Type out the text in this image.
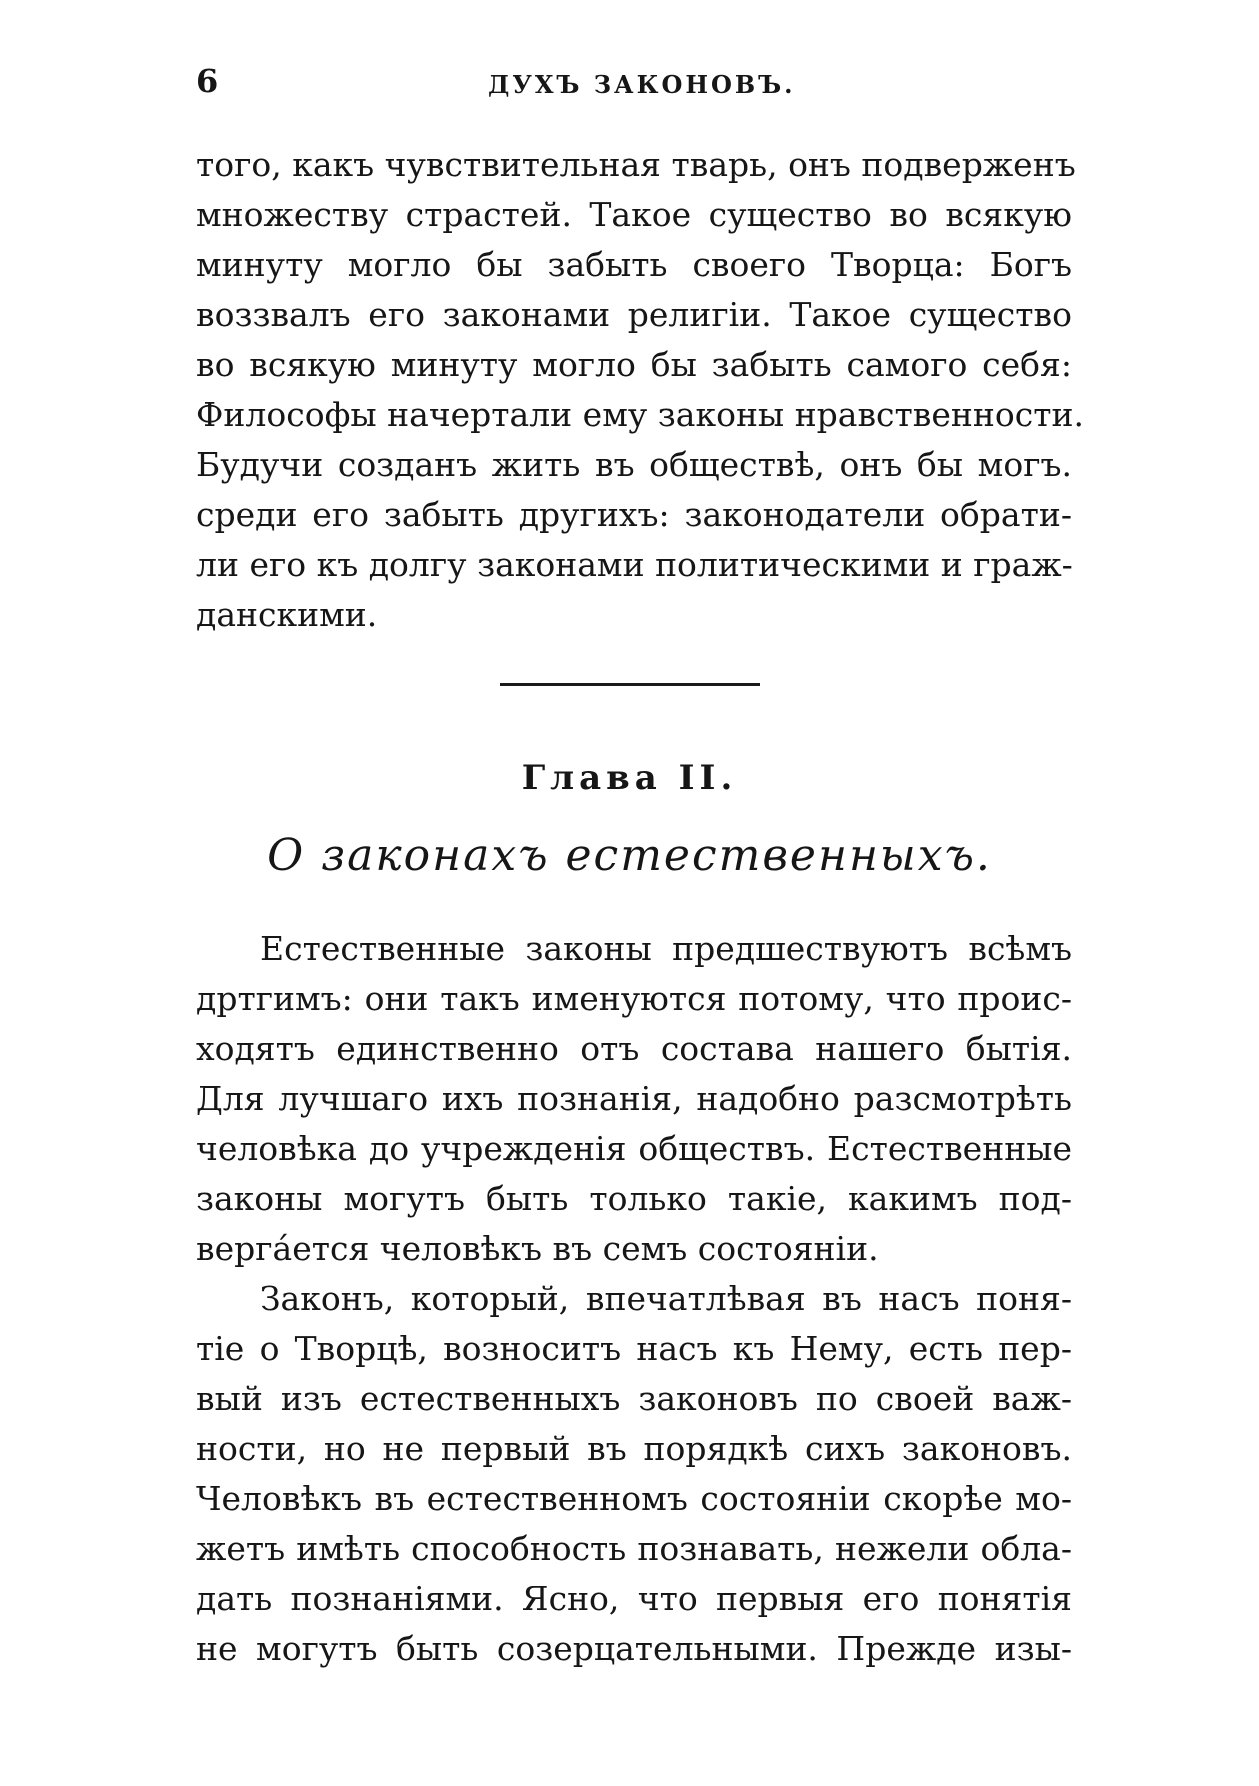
6	ДУХЪ ЗАКОНОВЪ.
того, какъ чувствительная тварь, онъ подверженъ
множеству страстей. Такое существо во всякую
минуту могло бы забыть своего Творца: Богъ
воззвалъ его законами религiи. Такое существо
во всякую минуту могло бы забыть самого себя:
Философы начертали ему законы нравственности.
Будучи созданъ жить въ обществѣ, онъ бы могъ.
среди его забыть другихъ: законодатели обрати-
ли его къ долгу законами политическими и граж-
данскими.
Глава II.
О законахъ естественныхъ.
Естественные законы предшествуютъ всѣмъ
дртгимъ: они такъ именуются потому, что проис-
ходятъ единственно отъ состава нашего бытiя.
Для лучшаго ихъ познанiя, надобно разсмотрѣть
человѣка до учрежденiя обществъ. Естественные
законы могутъ быть только такiе, какимъ под-
вергáется человѣкъ въ семъ состоянiи.
Законъ, который, впечатлѣвая въ насъ поня-
тiе о Творцѣ, возноситъ насъ къ Нему, есть пер-
вый изъ естественныхъ законовъ по своей важ-
ности, но не первый въ порядкѣ сихъ законовъ.
Человѣкъ въ естественномъ состоянiи скорѣе мо-
жетъ имѣть способность познавать, нежели обла-
дать познанiями. Ясно, что первыя его понятiя
не могутъ быть созерцательными. Прежде изы-
